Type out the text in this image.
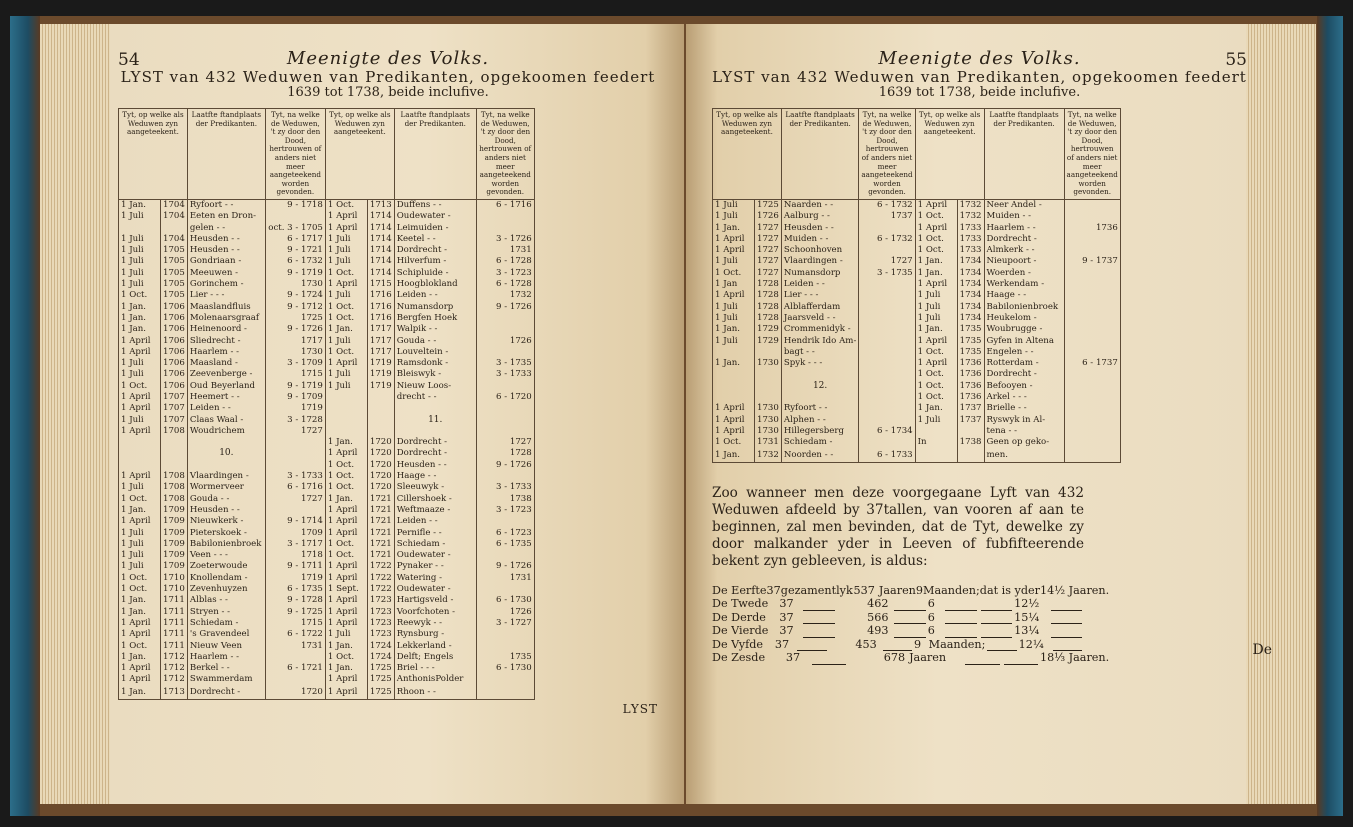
54	Meenigte des Volks.
LYST van 432 Weduwen van Predikanten, opgekoomen feedert
1639 tot 1738, beide inclufive.
Tyt, op welke als Weduwen zyn aangeteekent.		Laatfte ftandplaats der Predikanten.	Tyt, na welke de Weduwen, 't zy door den Dood, hertrouwen of anders niet meer aangeteekend worden gevonden.	Tyt, op welke als Weduwen zyn aangeteekent.		Laatfte ftandplaats der Predikanten.	Tyt, na welke de Weduwen, 't zy door den Dood, hertrouwen of anders niet meer aangeteekend worden gevonden.
1 Jan.	1704	Ryfoort - -	9 - 1718	1 Oct.	1713	Duffens - -	6 - 1716
1 Juli	1704	Eeten en Dron-		1 April	1714	Oudewater -	
		gelen - -	oct. 3 - 1705	1 April	1714	Leimuiden -	
1 Juli	1704	Heusden - -	6 - 1717	1 Juli	1714	Keetel - -	3 - 1726
1 Juli	1705	Heusden - -	9 - 1721	1 Juli	1714	Dordrecht -	1731
1 Juli	1705	Gondriaan -	6 - 1732	1 Juli	1714	Hilverfum -	6 - 1728
1 Juli	1705	Meeuwen -	9 - 1719	1 Oct.	1714	Schipluide -	3 - 1723
1 Juli	1705	Gorinchem -	1730	1 April	1715	Hoogblokland	6 - 1728
1 Oct.	1705	Lier - - -	9 - 1724	1 Juli	1716	Leiden - -	1732
1 Jan.	1706	Maaslandfluis	9 - 1712	1 Oct.	1716	Numansdorp	9 - 1726
1 Jan.	1706	Molenaarsgraaf	1725	1 Oct.	1716	Bergfen Hoek	
1 Jan.	1706	Heinenoord -	9 - 1726	1 Jan.	1717	Walpik - -	
1 April	1706	Sliedrecht -	1717	1 Juli	1717	Gouda - -	1726
1 April	1706	Haarlem - -	1730	1 Oct.	1717	Louveltein -	
1 Juli	1706	Maasland -	3 - 1709	1 April	1719	Ramsdonk -	3 - 1735
1 Juli	1706	Zeevenberge -	1715	1 Juli	1719	Bleiswyk -	3 - 1733
1 Oct.	1706	Oud Beyerland	9 - 1719	1 Juli	1719	Nieuw Loos-	
1 April	1707	Heemert - -	9 - 1709			drecht - -	6 - 1720
1 April	1707	Leiden - -	1719				
1 Juli	1707	Claas Waal -	3 - 1728			11.	
1 April	1708	Woudrichem	1727				
				1 Jan.	1720	Dordrecht -	1727
		10.		1 April	1720	Dordrecht -	1728
				1 Oct.	1720	Heusden - -	9 - 1726
1 April	1708	Vlaardingen -	3 - 1733	1 Oct.	1720	Haage - -	
1 Juli	1708	Wormerveer	6 - 1716	1 Oct.	1720	Sleeuwyk -	3 - 1733
1 Oct.	1708	Gouda - -	1727	1 Jan.	1721	Cillershoek -	1738
1 Jan.	1709	Heusden - -		1 April	1721	Weftmaaze -	3 - 1723
1 April	1709	Nieuwkerk -	9 - 1714	1 April	1721	Leiden - -	
1 Juli	1709	Pieterskoek -	1709	1 April	1721	Pernifle - -	6 - 1723
1 Juli	1709	Babilonienbroek	3 - 1717	1 Oct.	1721	Schiedam -	6 - 1735
1 Juli	1709	Veen - - -	1718	1 Oct.	1721	Oudewater -	
1 Juli	1709	Zoeterwoude	9 - 1711	1 April	1722	Pynaker - -	9 - 1726
1 Oct.	1710	Knollendam -	1719	1 April	1722	Watering -	1731
1 Oct.	1710	Zevenhuyzen	6 - 1735	1 Sept.	1722	Oudewater -	
1 Jan.	1711	Alblas - -	9 - 1728	1 April	1723	Hartigsveld -	6 - 1730
1 Jan.	1711	Stryen - -	9 - 1725	1 April	1723	Voorfchoten -	1726
1 April	1711	Schiedam -	1715	1 April	1723	Reewyk - -	3 - 1727
1 April	1711	's Gravendeel	6 - 1722	1 Juli	1723	Rynsburg -	
1 Oct.	1711	Nieuw Veen	1731	1 Jan.	1724	Lekkerland -	
1 Jan.	1712	Haarlem - -		1 Oct.	1724	Delft; Engels	1735
1 April	1712	Berkel - -	6 - 1721	1 Jan.	1725	Briel - - -	6 - 1730
1 April	1712	Swammerdam		1 April	1725	AnthonisPolder	
1 Jan.	1713	Dordrecht -	1720	1 April	1725	Rhoon - -	
LYST
Meenigte des Volks.	55
LYST van 432 Weduwen van Predikanten, opgekoomen feedert
1639 tot 1738, beide inclufive.
Tyt, op welke als Weduwen zyn aangeteekent.		Laatfte ftandplaats der Predikanten.	Tyt, na welke de Weduwen, 't zy door den Dood, hertrouwen of anders niet meer aangeteekend worden gevonden.	Tyt, op welke als Weduwen zyn aangeteekent.		Laatfte ftandplaats der Predikanten.	Tyt, na welke de Weduwen, 't zy door den Dood, hertrouwen of anders niet meer aangeteekend worden gevonden.
1 Juli	1725	Naarden - -	6 - 1732	1 April	1732	Neer Andel -	
1 Juli	1726	Aalburg - -	1737	1 Oct.	1732	Muiden - -	
1 Jan.	1727	Heusden - -		1 April	1733	Haarlem - -	1736
1 April	1727	Muiden - -	6 - 1732	1 Oct.	1733	Dordrecht -	
1 April	1727	Schoonhoven		1 Oct.	1733	Almkerk - -	
1 Juli	1727	Vlaardingen -	1727	1 Jan.	1734	Nieupoort -	9 - 1737
1 Oct.	1727	Numansdorp	3 - 1735	1 Jan.	1734	Woerden -	
1 Jan	1728	Leiden - -		1 April	1734	Werkendam -	
1 April	1728	Lier - - -		1 Juli	1734	Haage - -	
1 Juli	1728	Alblafferdam		1 Juli	1734	Babilonienbroek	
1 Juli	1728	Jaarsveld - -		1 Juli	1734	Heukelom -	
1 Jan.	1729	Crommenidyk -		1 Jan.	1735	Woubrugge -	
1 Juli	1729	Hendrik Ido Am-		1 April	1735	Gyfen in Altena	
		bagt - -		1 Oct.	1735	Engelen - -	
1 Jan.	1730	Spyk - - -		1 April	1736	Rotterdam -	6 - 1737
				1 Oct.	1736	Dordrecht -	
		12.		1 Oct.	1736	Befooyen -	
				1 Oct.	1736	Arkel - - -	
1 April	1730	Ryfoort - -		1 Jan.	1737	Brielle - -	
1 April	1730	Alphen - -		1 Juli	1737	Ryswyk in Al-	
1 April	1730	Hillegersberg	6 - 1734			tena - -	
1 Oct.	1731	Schiedam -		In	1738	Geen op geko-	
1 Jan.	1732	Noorden - -	6 - 1733			men.	
Zoo wanneer men deze voorgegaane Lyft van 432 Weduwen afdeeld by 37tallen, van vooren af aan te beginnen, zal men bevinden, dat de Tyt, dewelke zy door malkander yder in Leeven of fubfifteerende bekent zyn gebleeven, is aldus:
De Eerfte 37 gezamentlyk 537 Jaaren 9 Maanden; dat is yder 14½ Jaaren.
De Twede	37	462	6	12½
De Derde	37	566	6	15¼
De Vierde 37	493	6	13¼
De Vyfde	37	453	9 Maanden;	12¼
De Zesde	37	678 Jaaren	18⅓ Jaaren.	De
